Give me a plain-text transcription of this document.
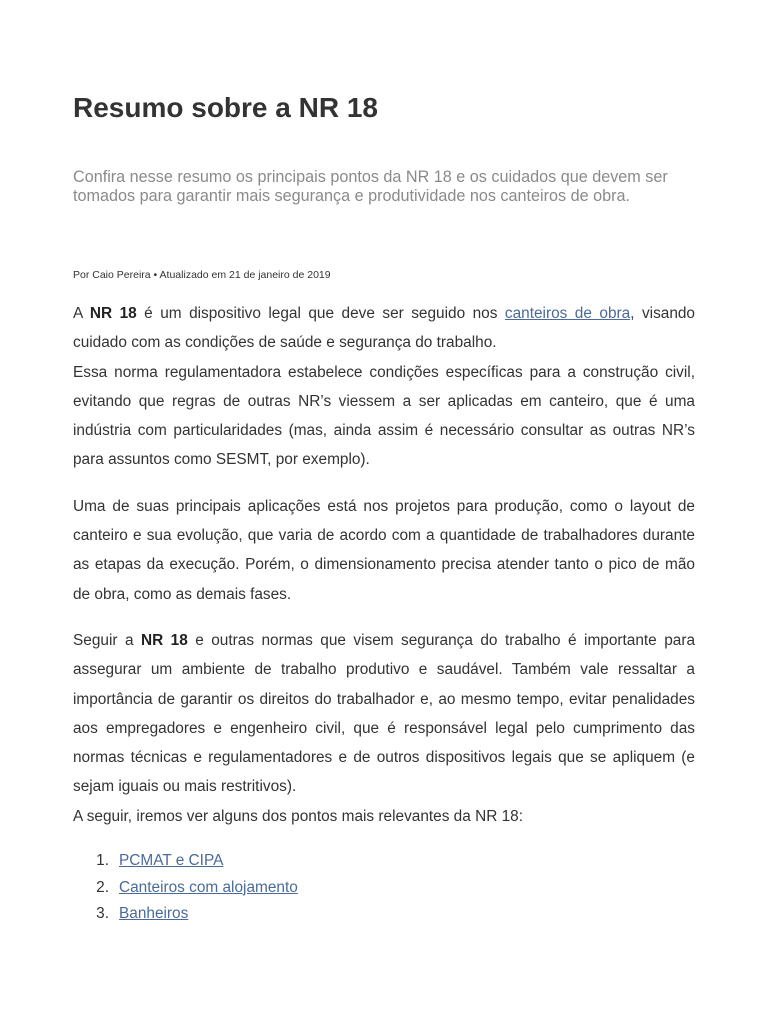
Resumo sobre a NR 18

Confira nesse resumo os principais pontos da NR 18 e os cuidados que devem ser tomados para garantir mais segurança e produtividade nos canteiros de obra.

Por Caio Pereira • Atualizado em 21 de janeiro de 2019

A NR 18 é um dispositivo legal que deve ser seguido nos canteiros de obra, visando cuidado com as condições de saúde e segurança do trabalho.

Essa norma regulamentadora estabelece condições específicas para a construção civil, evitando que regras de outras NR’s viessem a ser aplicadas em canteiro, que é uma indústria com particularidades (mas, ainda assim é necessário consultar as outras NR’s para assuntos como SESMT, por exemplo).

Uma de suas principais aplicações está nos projetos para produção, como o layout de canteiro e sua evolução, que varia de acordo com a quantidade de trabalhadores durante as etapas da execução. Porém, o dimensionamento precisa atender tanto o pico de mão de obra, como as demais fases.

Seguir a NR 18 e outras normas que visem segurança do trabalho é importante para assegurar um ambiente de trabalho produtivo e saudável. Também vale ressaltar a importância de garantir os direitos do trabalhador e, ao mesmo tempo, evitar penalidades aos empregadores e engenheiro civil, que é responsável legal pelo cumprimento das normas técnicas e regulamentadores e de outros dispositivos legais que se apliquem (e sejam iguais ou mais restritivos).

A seguir, iremos ver alguns dos pontos mais relevantes da NR 18:

1. PCMAT e CIPA
2. Canteiros com alojamento
3. Banheiros
